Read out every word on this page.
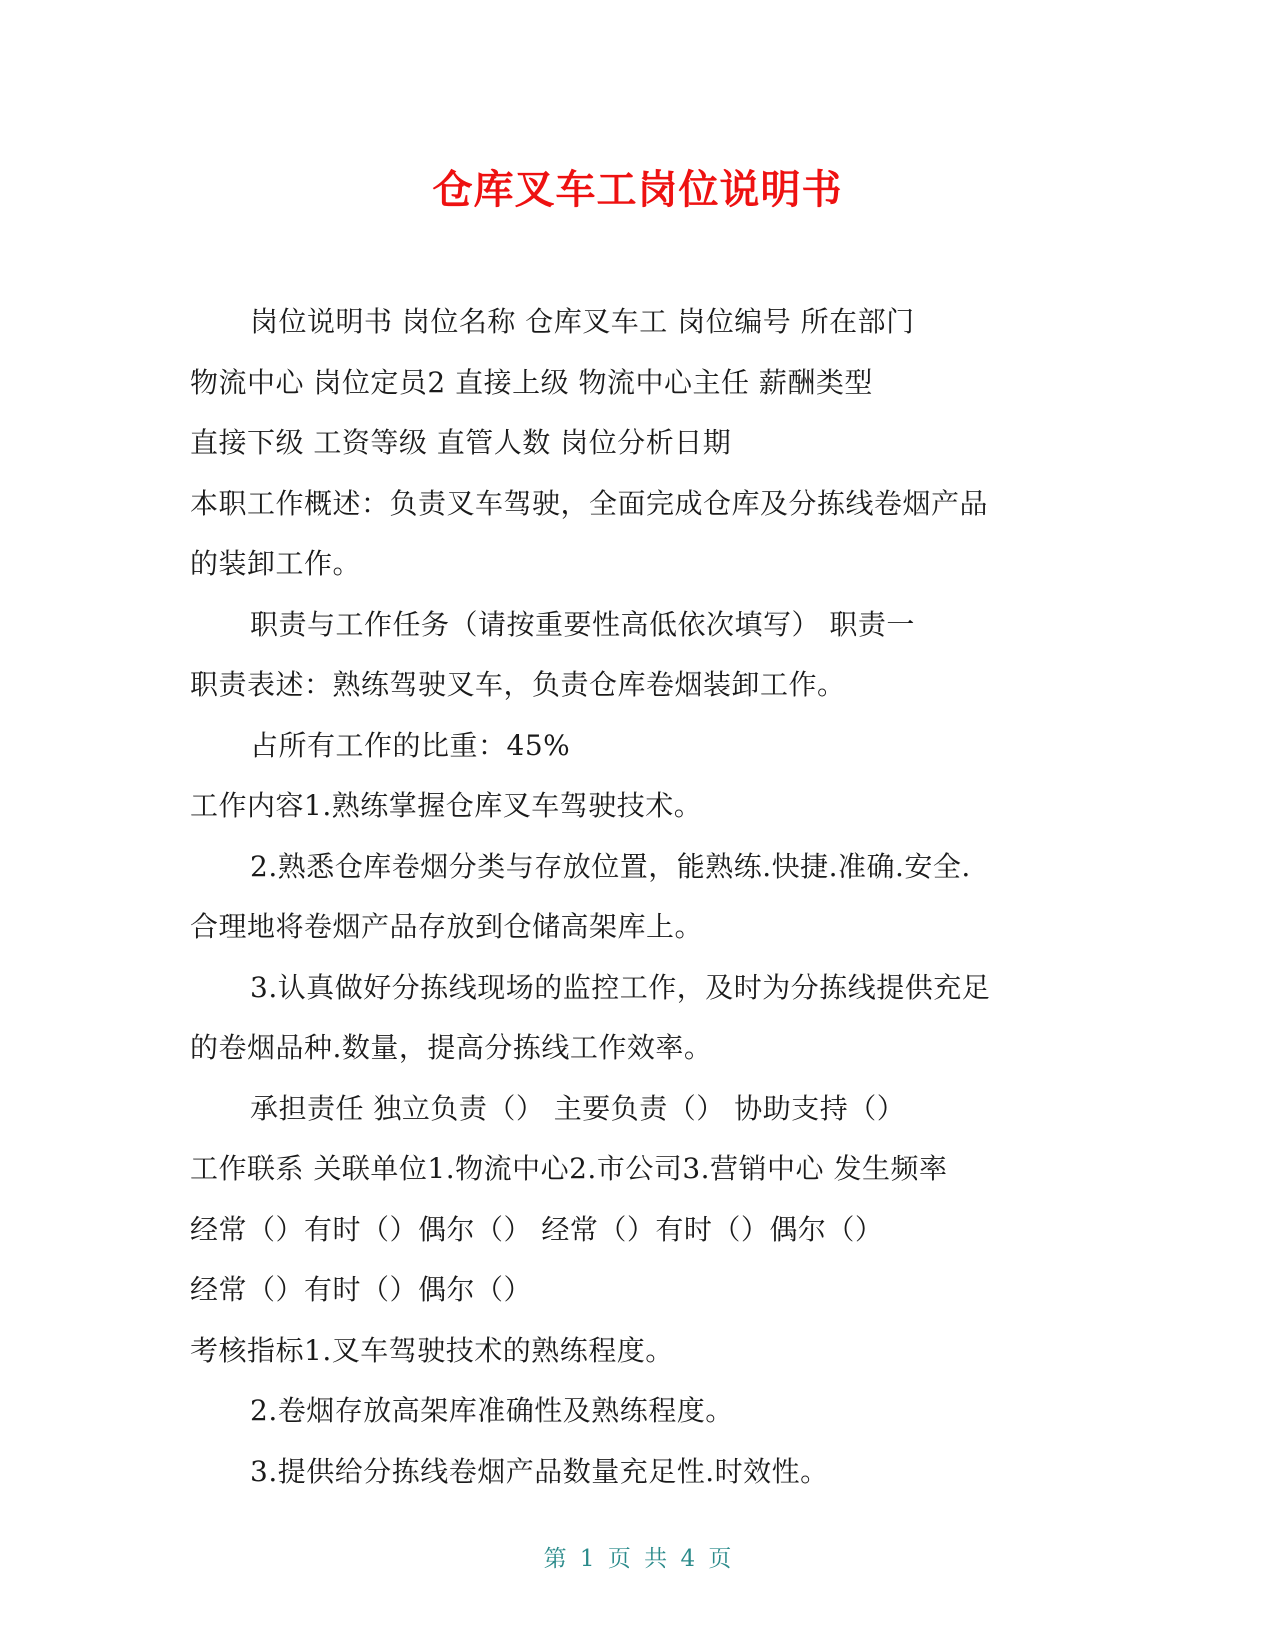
仓库叉车工岗位说明书
岗位说明书 岗位名称 仓库叉车工 岗位编号 所在部门
物流中心 岗位定员2 直接上级 物流中心主任 薪酬类型
直接下级 工资等级 直管人数 岗位分析日期
本职工作概述：负责叉车驾驶，全面完成仓库及分拣线卷烟产品
的装卸工作。
职责与工作任务（请按重要性高低依次填写） 职责一
职责表述：熟练驾驶叉车，负责仓库卷烟装卸工作。
占所有工作的比重：45%
工作内容1.熟练掌握仓库叉车驾驶技术。
2.熟悉仓库卷烟分类与存放位置，能熟练.快捷.准确.安全.
合理地将卷烟产品存放到仓储高架库上。
3.认真做好分拣线现场的监控工作，及时为分拣线提供充足
的卷烟品种.数量，提高分拣线工作效率。
承担责任 独立负责（） 主要负责（） 协助支持（）
工作联系 关联单位1.物流中心2.市公司3.营销中心 发生频率
经常（）有时（）偶尔（） 经常（）有时（）偶尔（）
经常（）有时（）偶尔（）
考核指标1.叉车驾驶技术的熟练程度。
2.卷烟存放高架库准确性及熟练程度。
3.提供给分拣线卷烟产品数量充足性.时效性。
第 1 页 共 4 页
